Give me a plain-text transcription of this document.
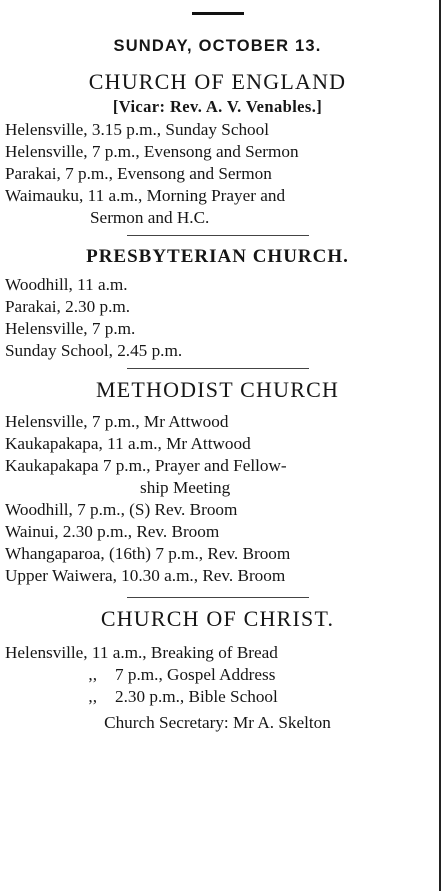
SUNDAY, OCTOBER 13.
CHURCH OF ENGLAND
[Vicar: Rev. A. V. Venables.]
Helensville, 3.15 p.m., Sunday School
Helensville, 7 p.m., Evensong and Sermon
Parakai, 7 p.m., Evensong and Sermon
Waimauku, 11 a.m., Morning Prayer and
Sermon and H.C.
PRESBYTERIAN CHURCH.
Woodhill, 11 a.m.
Parakai, 2.30 p.m.
Helensville, 7 p.m.
Sunday School, 2.45 p.m.
METHODIST CHURCH
Helensville, 7 p.m., Mr Attwood
Kaukapakapa, 11 a.m., Mr Attwood
Kaukapakapa 7 p.m., Prayer and Fellow-
ship Meeting
Woodhill, 7 p.m., (S) Rev. Broom
Wainui, 2.30 p.m., Rev. Broom
Whangaparoa, (16th) 7 p.m., Rev. Broom
Upper Waiwera, 10.30 a.m., Rev. Broom
CHURCH OF CHRIST.
Helensville, 11 a.m., Breaking of Bread
,,	7 p.m., Gospel Address
,,	2.30 p.m., Bible School
Church Secretary: Mr A. Skelton
